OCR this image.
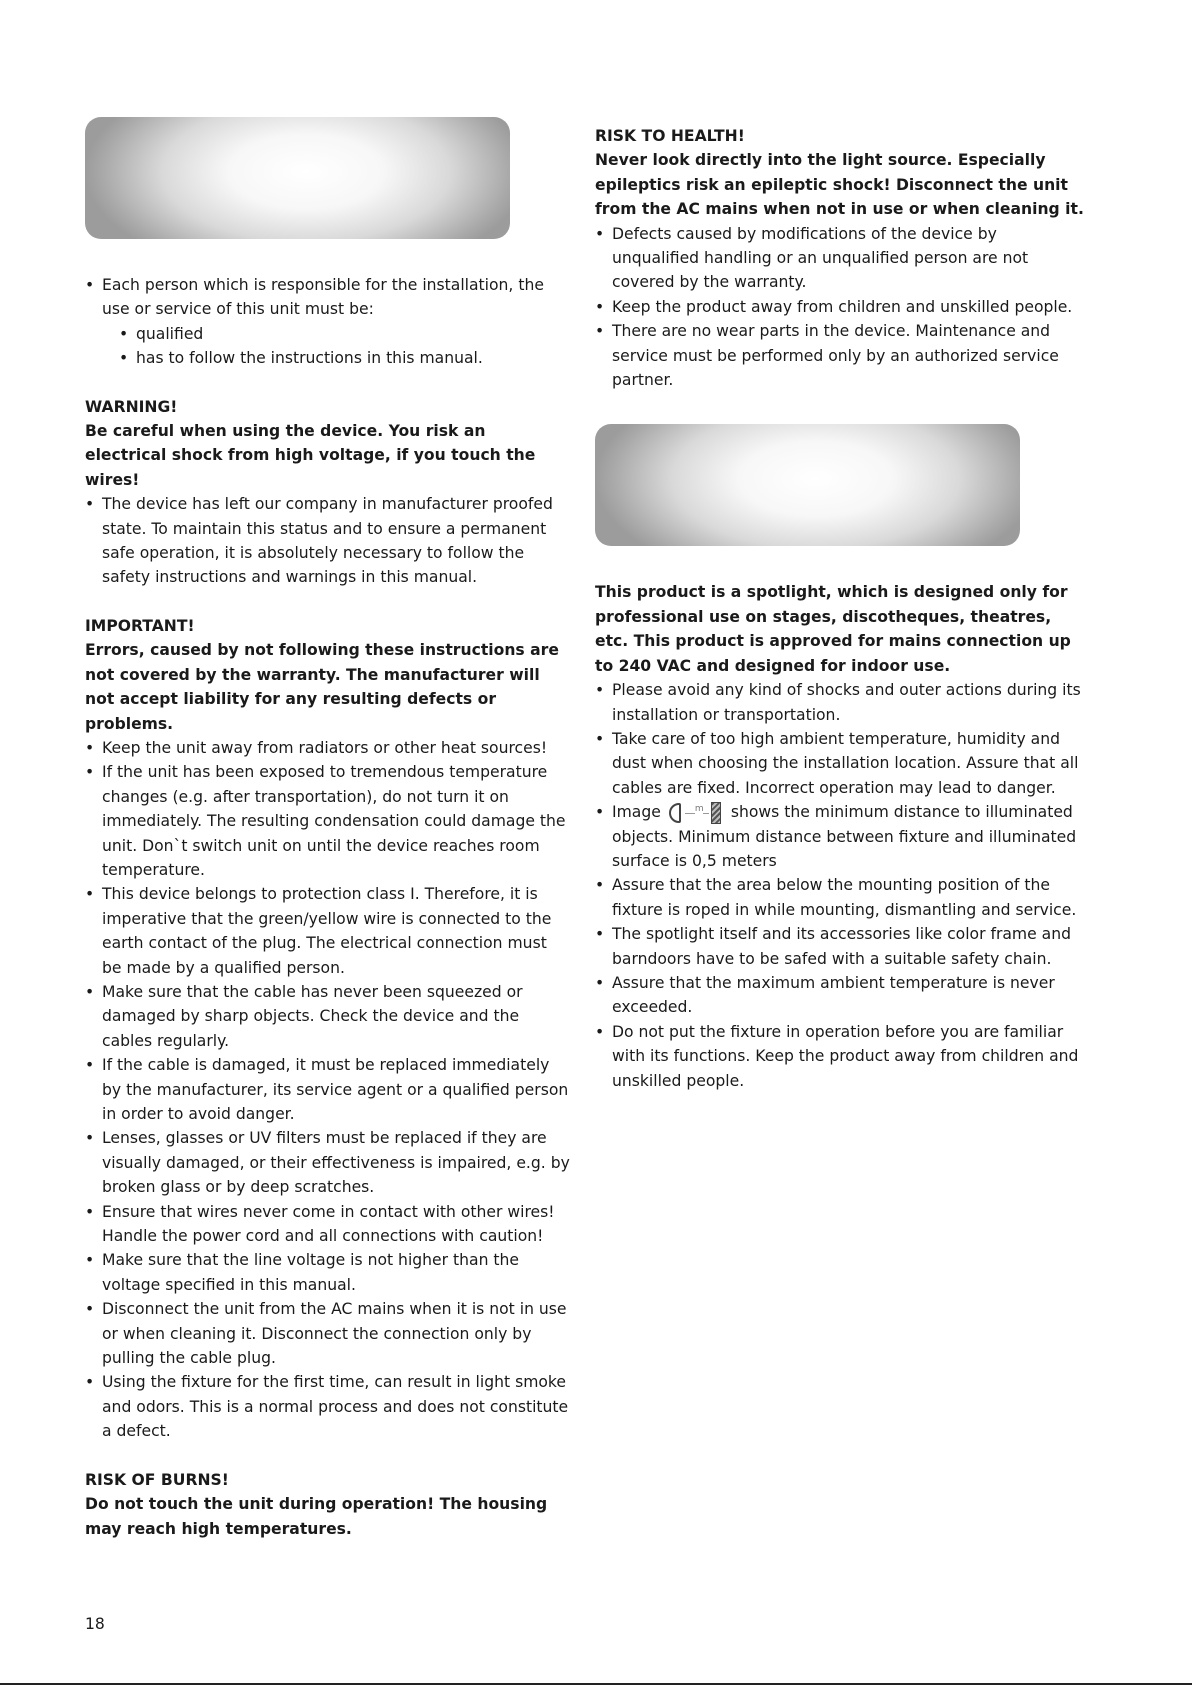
• Each person which is responsible for the installation, the use or service of this unit must be:
• qualified
• has to follow the instructions in this manual.
WARNING!
Be careful when using the device. You risk an electrical shock from high voltage, if you touch the wires!
• The device has left our company in manufacturer proofed state. To maintain this status and to ensure a permanent safe operation, it is absolutely necessary to follow the safety instructions and warnings in this manual.
IMPORTANT!
Errors, caused by not following these instructions are not covered by the warranty. The manufacturer will not accept liability for any resulting defects or problems.
• Keep the unit away from radiators or other heat sources!
• If the unit has been exposed to tremendous temperature changes (e.g. after transportation), do not turn it on immediately. The resulting condensation could damage the unit. Don`t switch unit on until the device reaches room temperature.
• This device belongs to protection class I. Therefore, it is imperative that the green/yellow wire is connected to the earth contact of the plug. The electrical connection must be made by a qualified person.
• Make sure that the cable has never been squeezed or damaged by sharp objects. Check the device and the cables regularly.
• If the cable is damaged, it must be replaced immediately by the manufacturer, its service agent or a qualified person in order to avoid danger.
• Lenses, glasses or UV filters must be replaced if they are visually damaged, or their effectiveness is impaired, e.g. by broken glass or by deep scratches.
• Ensure that wires never come in contact with other wires! Handle the power cord and all connections with caution!
• Make sure that the line voltage is not higher than the voltage specified in this manual.
• Disconnect the unit from the AC mains when it is not in use or when cleaning it. Disconnect the connection only by pulling the cable plug.
• Using the fixture for the first time, can result in light smoke and odors. This is a normal process and does not constitute a defect.
RISK OF BURNS!
Do not touch the unit during operation! The housing may reach high temperatures.
RISK TO HEALTH!
Never look directly into the light source. Especially epileptics risk an epileptic shock! Disconnect the unit from the AC mains when not in use or when cleaning it.
• Defects caused by modifications of the device by unqualified handling or an unqualified person are not covered by the warranty.
• Keep the product away from children and unskilled people.
• There are no wear parts in the device. Maintenance and service must be performed only by an authorized service partner.
This product is a spotlight, which is designed only for professional use on stages, discotheques, theatres, etc. This product is approved for mains connection up to 240 VAC and designed for indoor use.
• Please avoid any kind of shocks and outer actions during its installation or transportation.
• Take care of too high ambient temperature, humidity and dust when choosing the installation location. Assure that all cables are fixed. Incorrect operation may lead to danger.
• Image	m shows the minimum distance to illuminated objects. Minimum distance between fixture and illuminated surface is 0,5 meters
• Assure that the area below the mounting position of the fixture is roped in while mounting, dismantling and service.
• The spotlight itself and its accessories like color frame and barndoors have to be safed with a suitable safety chain.
• Assure that the maximum ambient temperature is never exceeded.
• Do not put the fixture in operation before you are familiar with its functions. Keep the product away from children and unskilled people.
18
